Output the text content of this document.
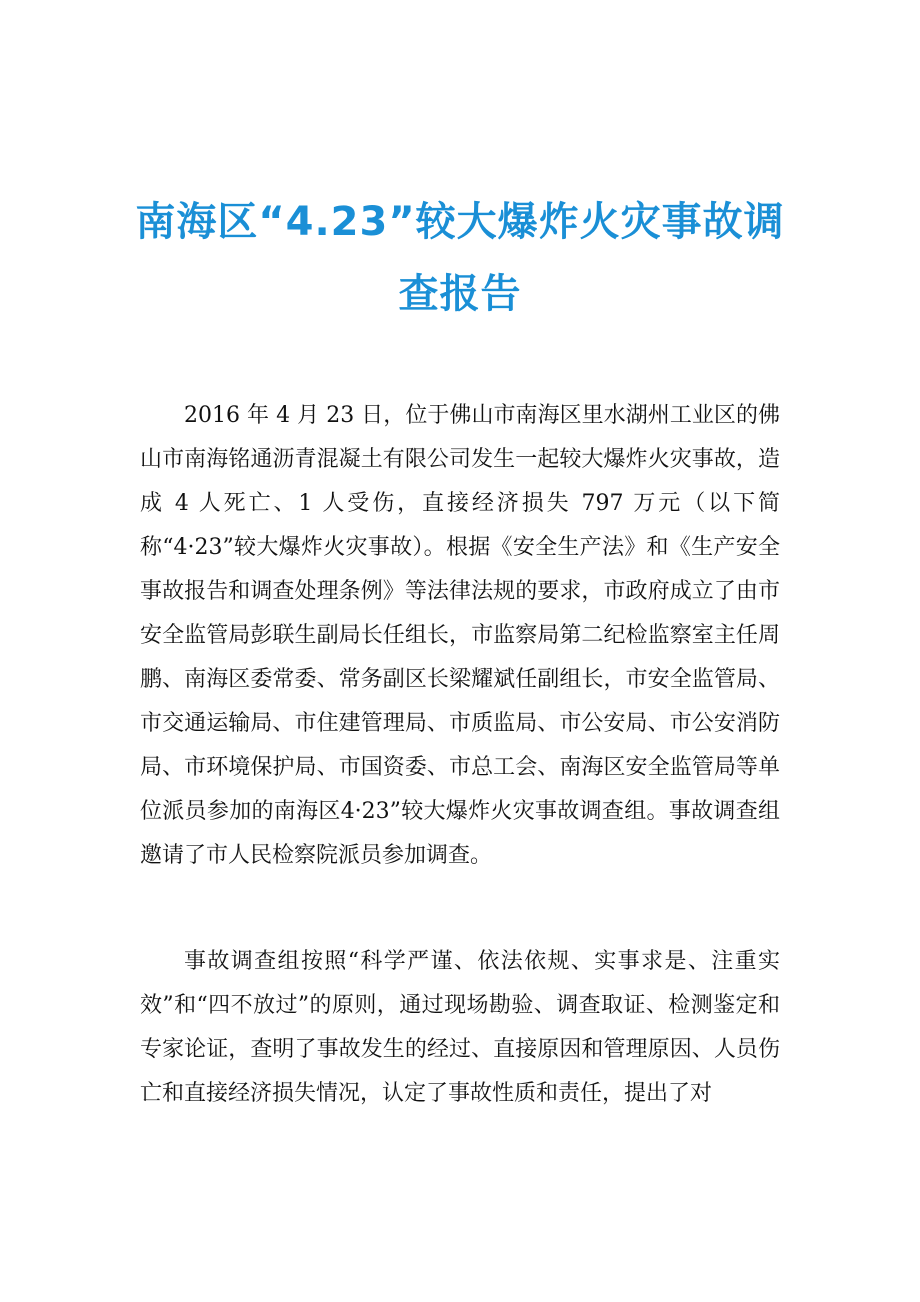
南海区“4.23”较大爆炸火灾事故调查报告

2016 年 4 月 23 日，位于佛山市南海区里水湖州工业区的佛山市南海铭通沥青混凝土有限公司发生一起较大爆炸火灾事故，造成 4 人死亡、1 人受伤，直接经济损失 797 万元（以下简称“4·23”较大爆炸火灾事故）。根据《安全生产法》和《生产安全事故报告和调查处理条例》等法律法规的要求，市政府成立了由市安全监管局彭联生副局长任组长，市监察局第二纪检监察室主任周鹏、南海区委常委、常务副区长梁耀斌任副组长，市安全监管局、市交通运输局、市住建管理局、市质监局、市公安局、市公安消防局、市环境保护局、市国资委、市总工会、南海区安全监管局等单位派员参加的南海区4·23”较大爆炸火灾事故调查组。事故调查组邀请了市人民检察院派员参加调查。

事故调查组按照“科学严谨、依法依规、实事求是、注重实效”和“四不放过”的原则，通过现场勘验、调查取证、检测鉴定和专家论证，查明了事故发生的经过、直接原因和管理原因、人员伤亡和直接经济损失情况，认定了事故性质和责任，提出了对
